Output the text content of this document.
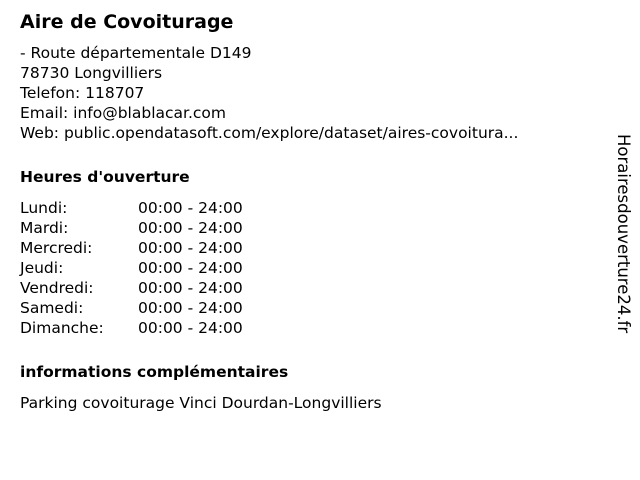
Aire de Covoiturage
- Route départementale D149
78730 Longvilliers
Telefon: 118707
Email: info@blablacar.com
Web: public.opendatasoft.com/explore/dataset/aires-covoitura...
Heures d'ouverture
Lundi:	00:00 - 24:00
Mardi:	00:00 - 24:00
Mercredi:	00:00 - 24:00
Jeudi:	00:00 - 24:00
Vendredi:	00:00 - 24:00
Samedi:	00:00 - 24:00
Dimanche:	00:00 - 24:00
informations complémentaires
Parking covoiturage Vinci Dourdan-Longvilliers
Horairesdouverture24.fr
